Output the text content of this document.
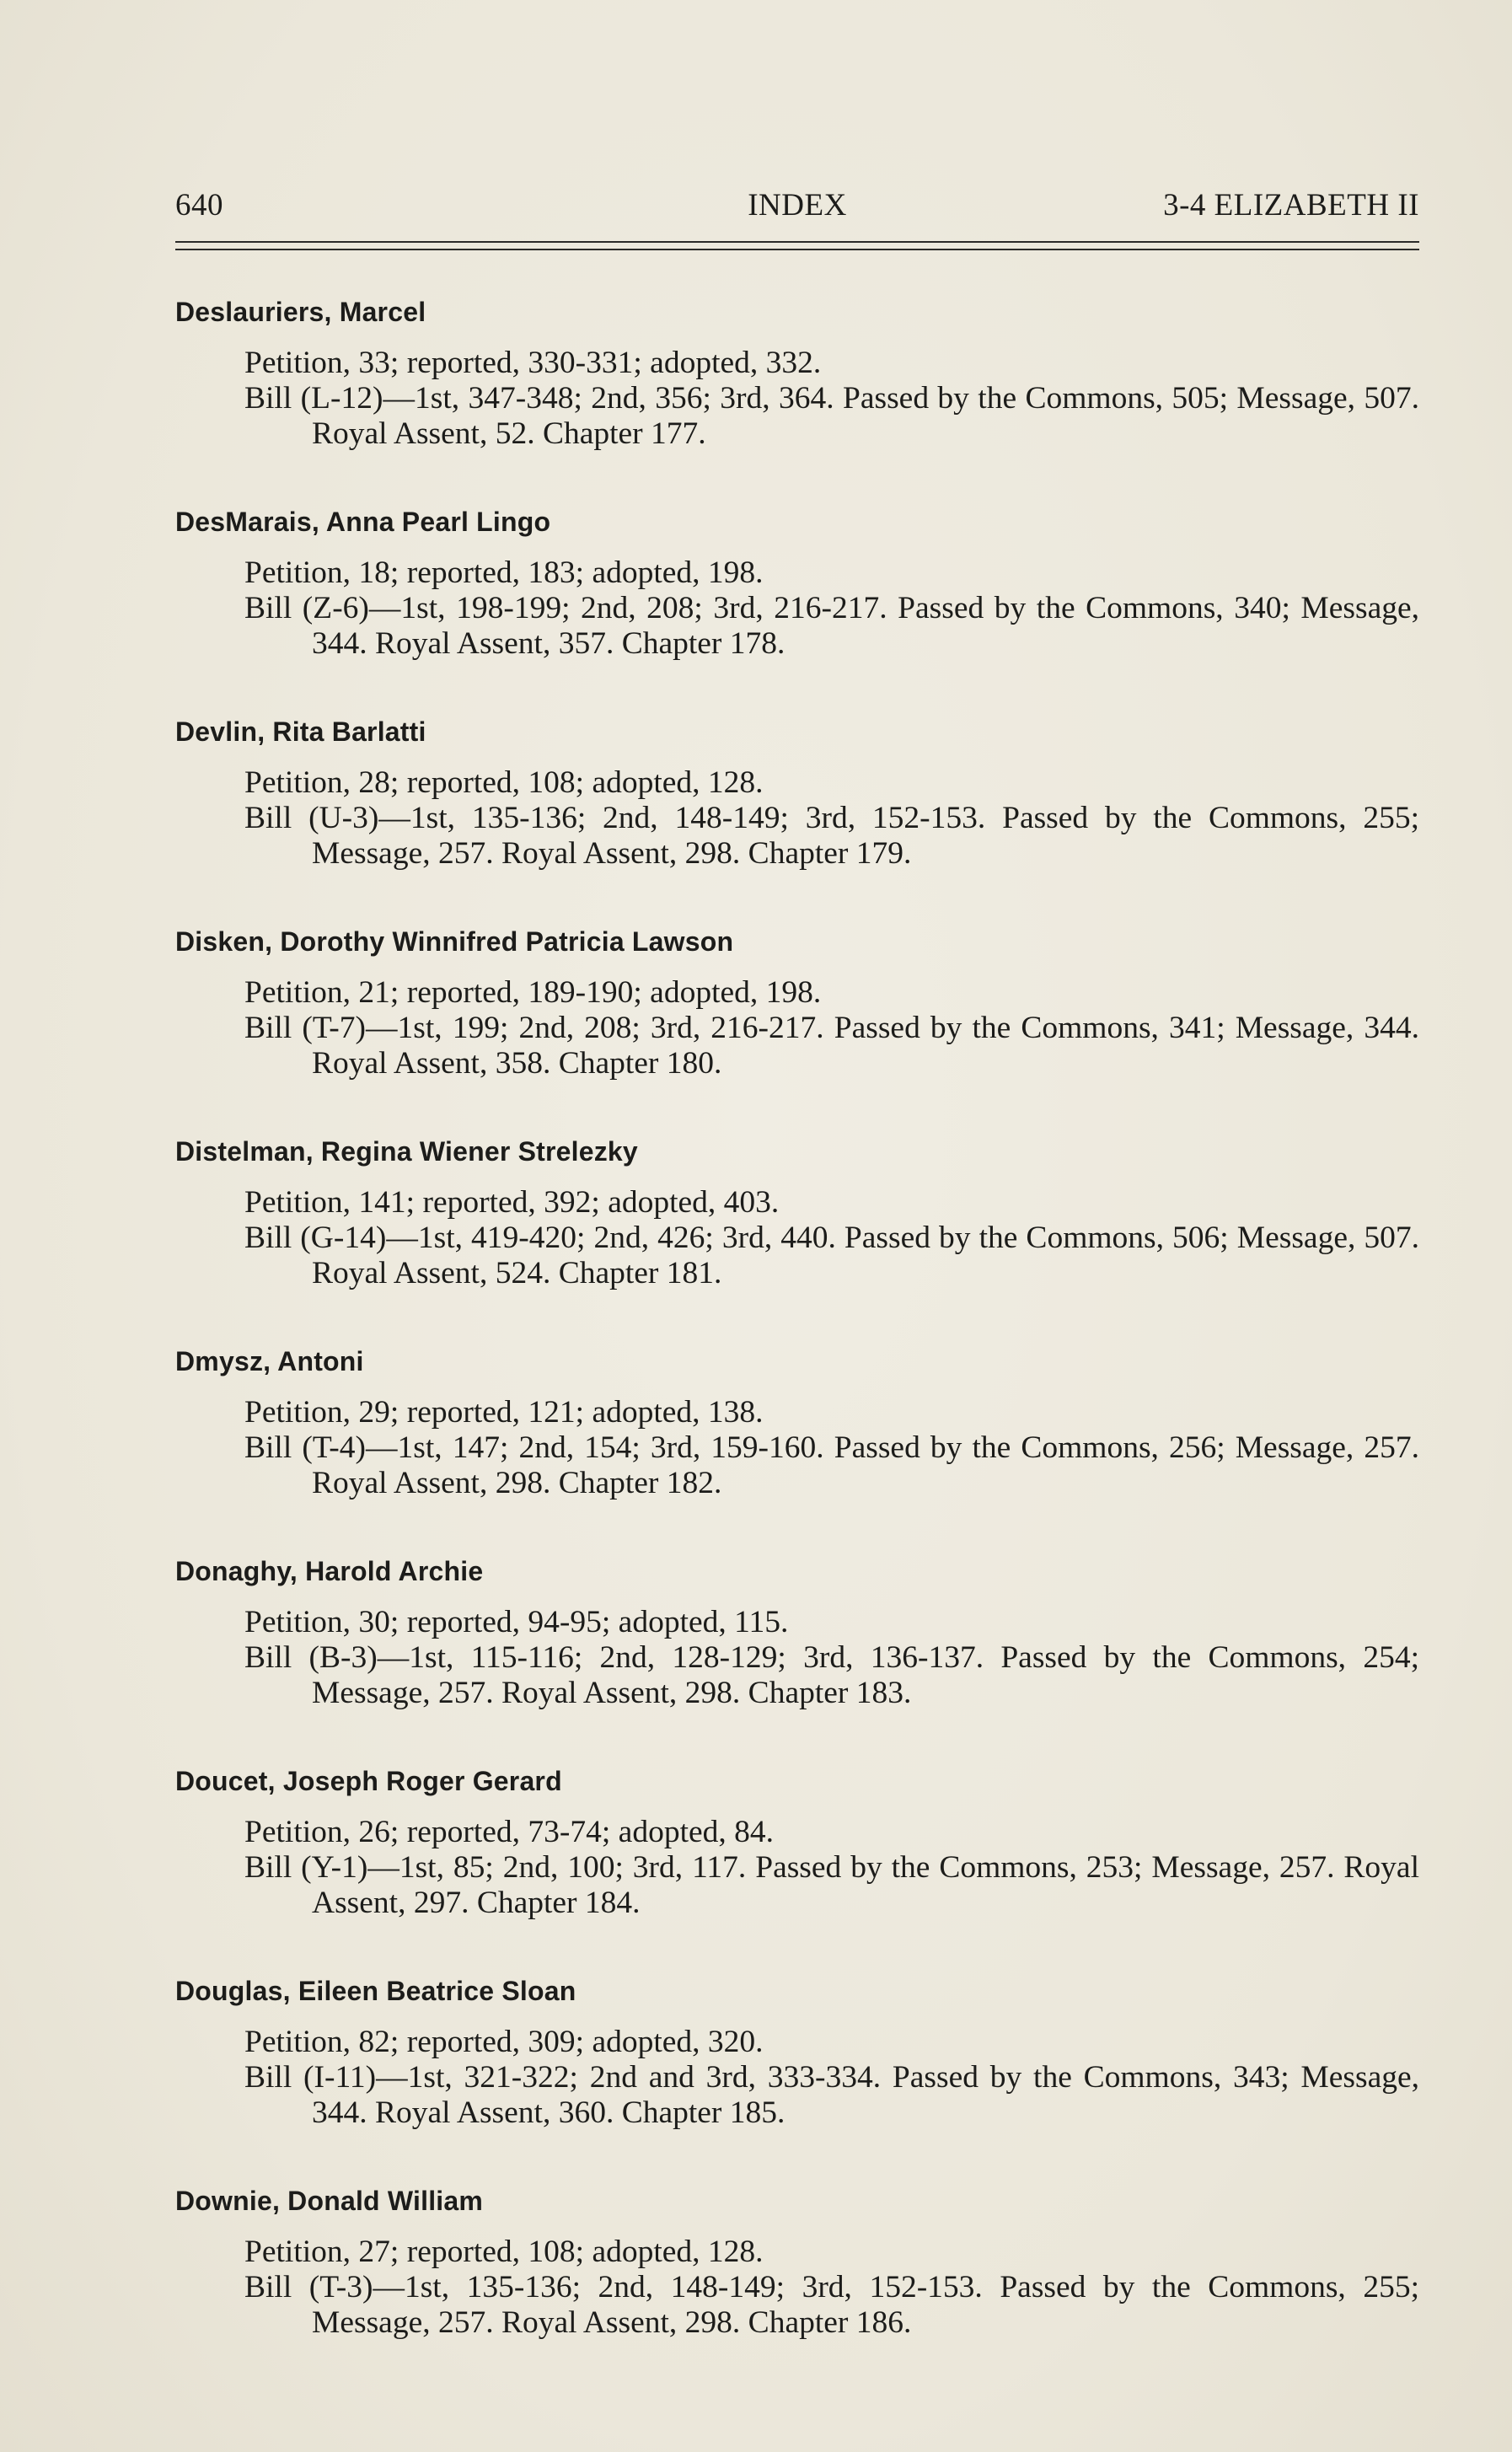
640	INDEX	3-4 ELIZABETH II
Deslauriers, Marcel
Petition, 33; reported, 330-331; adopted, 332.
Bill (L-12)—1st, 347-348; 2nd, 356; 3rd, 364. Passed by the Commons, 505; Message, 507. Royal Assent, 52. Chapter 177.
DesMarais, Anna Pearl Lingo
Petition, 18; reported, 183; adopted, 198.
Bill (Z-6)—1st, 198-199; 2nd, 208; 3rd, 216-217. Passed by the Commons, 340; Message, 344. Royal Assent, 357. Chapter 178.
Devlin, Rita Barlatti
Petition, 28; reported, 108; adopted, 128.
Bill (U-3)—1st, 135-136; 2nd, 148-149; 3rd, 152-153. Passed by the Commons, 255; Message, 257. Royal Assent, 298. Chapter 179.
Disken, Dorothy Winnifred Patricia Lawson
Petition, 21; reported, 189-190; adopted, 198.
Bill (T-7)—1st, 199; 2nd, 208; 3rd, 216-217. Passed by the Commons, 341; Message, 344. Royal Assent, 358. Chapter 180.
Distelman, Regina Wiener Strelezky
Petition, 141; reported, 392; adopted, 403.
Bill (G-14)—1st, 419-420; 2nd, 426; 3rd, 440. Passed by the Commons, 506; Message, 507. Royal Assent, 524. Chapter 181.
Dmysz, Antoni
Petition, 29; reported, 121; adopted, 138.
Bill (T-4)—1st, 147; 2nd, 154; 3rd, 159-160. Passed by the Commons, 256; Message, 257. Royal Assent, 298. Chapter 182.
Donaghy, Harold Archie
Petition, 30; reported, 94-95; adopted, 115.
Bill (B-3)—1st, 115-116; 2nd, 128-129; 3rd, 136-137. Passed by the Commons, 254; Message, 257. Royal Assent, 298. Chapter 183.
Doucet, Joseph Roger Gerard
Petition, 26; reported, 73-74; adopted, 84.
Bill (Y-1)—1st, 85; 2nd, 100; 3rd, 117. Passed by the Commons, 253; Message, 257. Royal Assent, 297. Chapter 184.
Douglas, Eileen Beatrice Sloan
Petition, 82; reported, 309; adopted, 320.
Bill (I-11)—1st, 321-322; 2nd and 3rd, 333-334. Passed by the Commons, 343; Message, 344. Royal Assent, 360. Chapter 185.
Downie, Donald William
Petition, 27; reported, 108; adopted, 128.
Bill (T-3)—1st, 135-136; 2nd, 148-149; 3rd, 152-153. Passed by the Commons, 255; Message, 257. Royal Assent, 298. Chapter 186.
